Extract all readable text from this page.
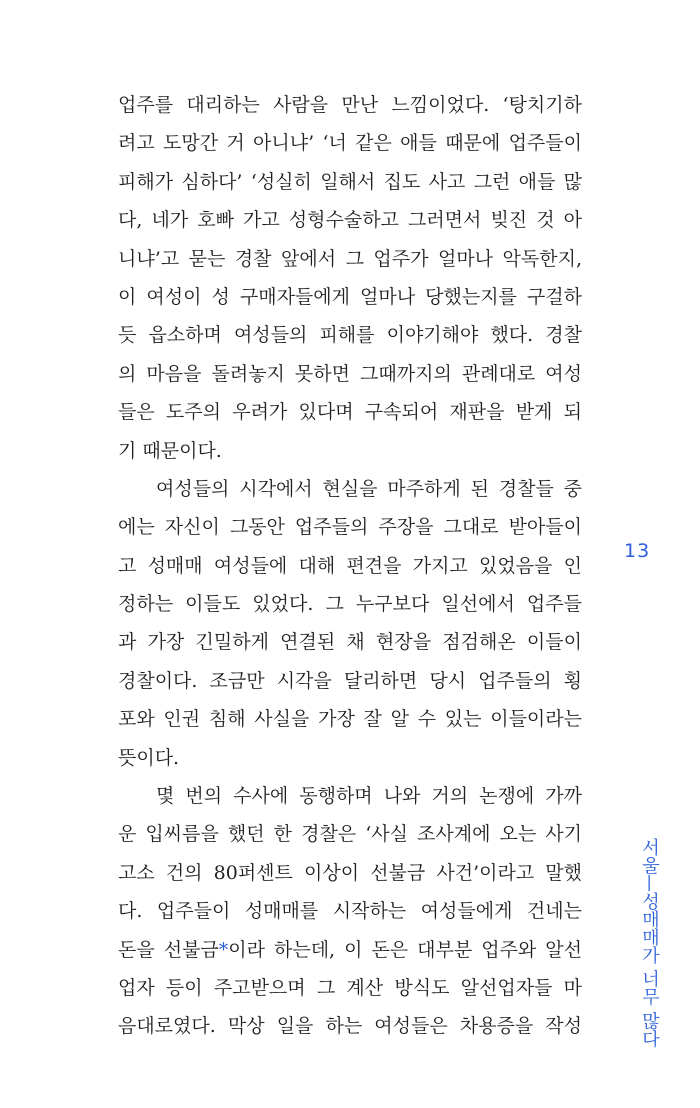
업주를 대리하는 사람을 만난 느낌이었다. ‘탕치기하
려고 도망간 거 아니냐’ ‘너 같은 애들 때문에 업주들이
피해가 심하다’ ‘성실히 일해서 집도 사고 그런 애들 많
다, 네가 호빠 가고 성형수술하고 그러면서 빚진 것 아
니냐’고 묻는 경찰 앞에서 그 업주가 얼마나 악독한지,
이 여성이 성 구매자들에게 얼마나 당했는지를 구걸하
듯 읍소하며 여성들의 피해를 이야기해야 했다. 경찰
의 마음을 돌려놓지 못하면 그때까지의 관례대로 여성
들은 도주의 우려가 있다며 구속되어 재판을 받게 되
기 때문이다.
여성들의 시각에서 현실을 마주하게 된 경찰들 중
에는 자신이 그동안 업주들의 주장을 그대로 받아들이
고 성매매 여성들에 대해 편견을 가지고 있었음을 인
정하는 이들도 있었다. 그 누구보다 일선에서 업주들
과 가장 긴밀하게 연결된 채 현장을 점검해온 이들이
경찰이다. 조금만 시각을 달리하면 당시 업주들의 횡
포와 인권 침해 사실을 가장 잘 알 수 있는 이들이라는
뜻이다.
몇 번의 수사에 동행하며 나와 거의 논쟁에 가까
운 입씨름을 했던 한 경찰은 ‘사실 조사계에 오는 사기
고소 건의 80퍼센트 이상이 선불금 사건’이라고 말했
다. 업주들이 성매매를 시작하는 여성들에게 건네는
돈을 선불금*이라 하는데, 이 돈은 대부분 업주와 알선
업자 등이 주고받으며 그 계산 방식도 알선업자들 마
음대로였다. 막상 일을 하는 여성들은 차용증을 작성
13
서울—성매매가 너무 많다
